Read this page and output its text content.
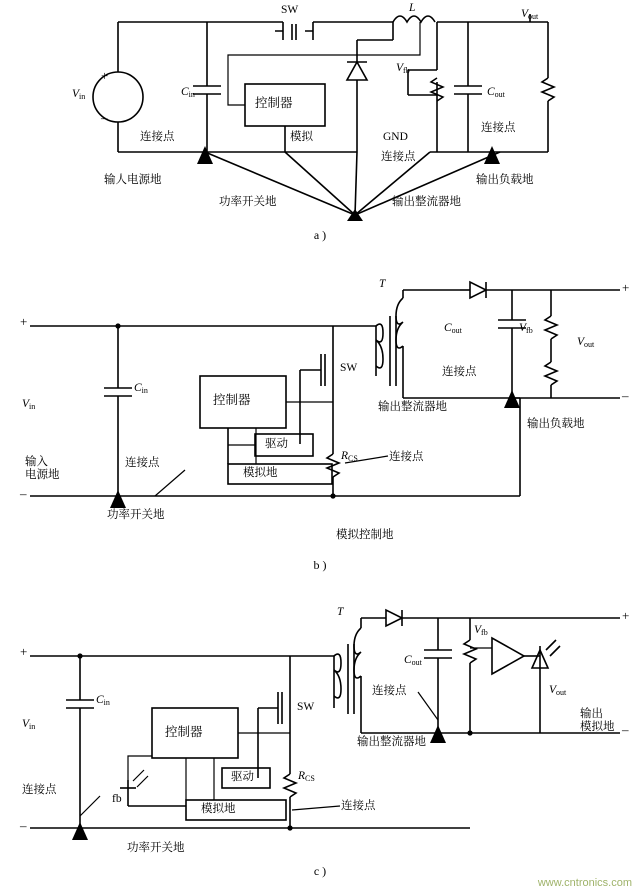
$V_{in}$
+
–
$C_{in}$
SW	L
$V_{fb}$
$C_{out}$
$V_{out}$
控制器
模拟	GND
连接点
连接点
连接点
输人电源地
功率开关地	输出整流器地
输出负载地
a )
+
–
+
–
$V_{in}$
$C_{in}$
控制器
SW
驱动
$R_{CS}$
模拟地
T
$C_{out}$	$V_{fb}$
$V_{out}$
连接点
连接点	连接点
输入
电源地
功率开关地
模拟控制地
输出整流器地
输出负载地
b )
+
–
+
–
$V_{in}$
$C_{in}$
控制器
SW
驱动	$R_{CS}$
fb
模拟地
T
$C_{out}$
$V_{fb}$
$V_{out}$
连接点
连接点
连接点
功率开关地
输出整流器地
输出
模拟地
c )
www.cntronics.com
